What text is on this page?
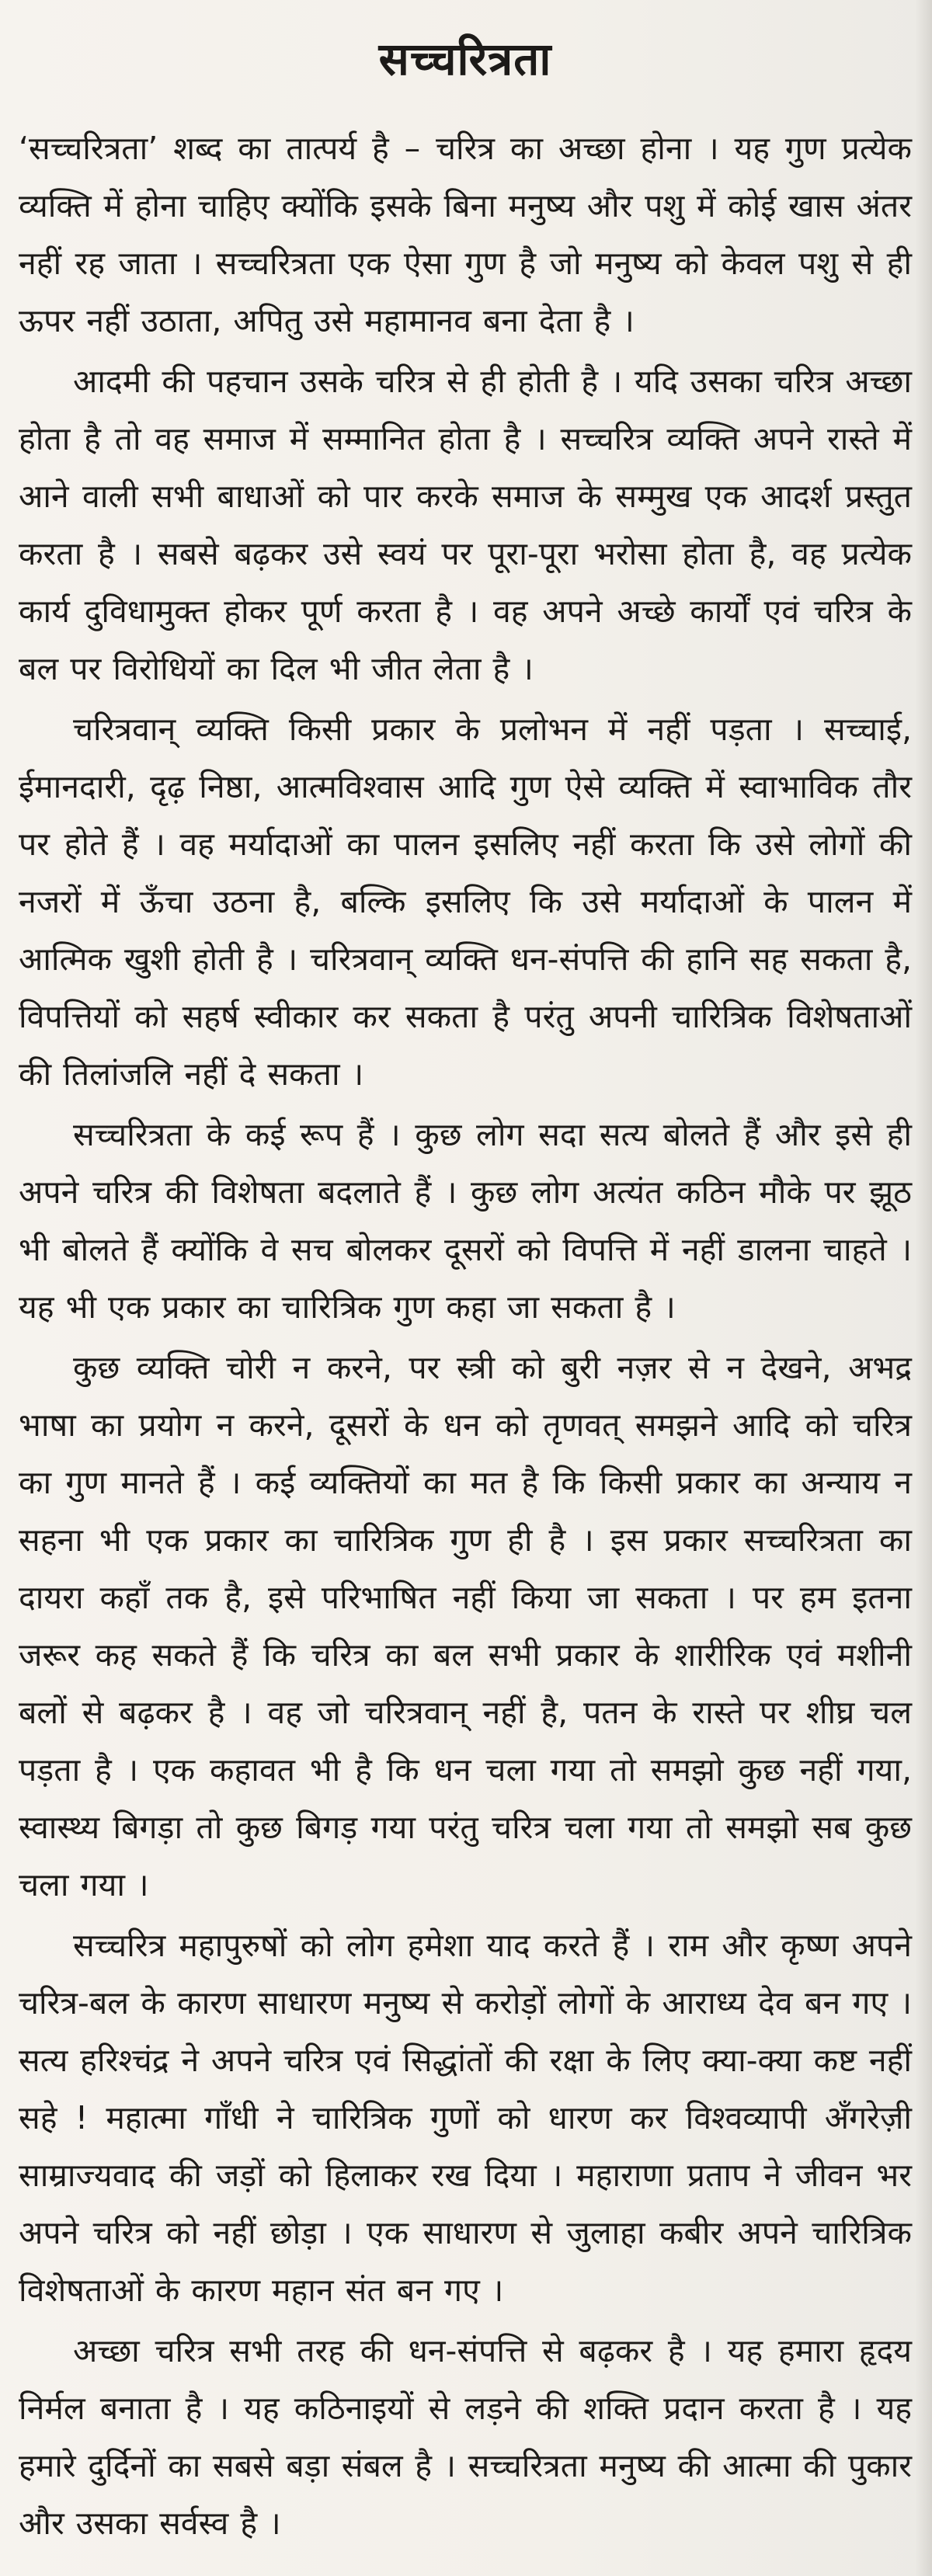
सच्चरित्रता

‘सच्चरित्रता’ शब्द का तात्पर्य है – चरित्र का अच्छा होना । यह गुण प्रत्येक व्यक्ति में होना चाहिए क्योंकि इसके बिना मनुष्य और पशु में कोई खास अंतर नहीं रह जाता । सच्चरित्रता एक ऐसा गुण है जो मनुष्य को केवल पशु से ही ऊपर नहीं उठाता, अपितु उसे महामानव बना देता है ।

आदमी की पहचान उसके चरित्र से ही होती है । यदि उसका चरित्र अच्छा होता है तो वह समाज में सम्मानित होता है । सच्चरित्र व्यक्ति अपने रास्ते में आने वाली सभी बाधाओं को पार करके समाज के सम्मुख एक आदर्श प्रस्तुत करता है । सबसे बढ़कर उसे स्वयं पर पूरा-पूरा भरोसा होता है, वह प्रत्येक कार्य दुविधामुक्त होकर पूर्ण करता है । वह अपने अच्छे कार्यों एवं चरित्र के बल पर विरोधियों का दिल भी जीत लेता है ।

चरित्रवान् व्यक्ति किसी प्रकार के प्रलोभन में नहीं पड़ता । सच्चाई, ईमानदारी, दृढ़ निष्ठा, आत्मविश्वास आदि गुण ऐसे व्यक्ति में स्वाभाविक तौर पर होते हैं । वह मर्यादाओं का पालन इसलिए नहीं करता कि उसे लोगों की नजरों में ऊँचा उठना है, बल्कि इसलिए कि उसे मर्यादाओं के पालन में आत्मिक खुशी होती है । चरित्रवान् व्यक्ति धन-संपत्ति की हानि सह सकता है, विपत्तियों को सहर्ष स्वीकार कर सकता है परंतु अपनी चारित्रिक विशेषताओं की तिलांजलि नहीं दे सकता ।

सच्चरित्रता के कई रूप हैं । कुछ लोग सदा सत्य बोलते हैं और इसे ही अपने चरित्र की विशेषता बदलाते हैं । कुछ लोग अत्यंत कठिन मौके पर झूठ भी बोलते हैं क्योंकि वे सच बोलकर दूसरों को विपत्ति में नहीं डालना चाहते । यह भी एक प्रकार का चारित्रिक गुण कहा जा सकता है ।

कुछ व्यक्ति चोरी न करने, पर स्त्री को बुरी नज़र से न देखने, अभद्र भाषा का प्रयोग न करने, दूसरों के धन को तृणवत् समझने आदि को चरित्र का गुण मानते हैं । कई व्यक्तियों का मत है कि किसी प्रकार का अन्याय न सहना भी एक प्रकार का चारित्रिक गुण ही है । इस प्रकार सच्चरित्रता का दायरा कहाँ तक है, इसे परिभाषित नहीं किया जा सकता । पर हम इतना जरूर कह सकते हैं कि चरित्र का बल सभी प्रकार के शारीरिक एवं मशीनी बलों से बढ़कर है । वह जो चरित्रवान् नहीं है, पतन के रास्ते पर शीघ्र चल पड़ता है । एक कहावत भी है कि धन चला गया तो समझो कुछ नहीं गया, स्वास्थ्य बिगड़ा तो कुछ बिगड़ गया परंतु चरित्र चला गया तो समझो सब कुछ चला गया ।

सच्चरित्र महापुरुषों को लोग हमेशा याद करते हैं । राम और कृष्ण अपने चरित्र-बल के कारण साधारण मनुष्य से करोड़ों लोगों के आराध्य देव बन गए । सत्य हरिश्चंद्र ने अपने चरित्र एवं सिद्धांतों की रक्षा के लिए क्या-क्या कष्ट नहीं सहे ! महात्मा गाँधी ने चारित्रिक गुणों को धारण कर विश्वव्यापी अँगरेज़ी साम्राज्यवाद की जड़ों को हिलाकर रख दिया । महाराणा प्रताप ने जीवन भर अपने चरित्र को नहीं छोड़ा । एक साधारण से जुलाहा कबीर अपने चारित्रिक विशेषताओं के कारण महान संत बन गए ।

अच्छा चरित्र सभी तरह की धन-संपत्ति से बढ़कर है । यह हमारा हृदय निर्मल बनाता है । यह कठिनाइयों से लड़ने की शक्ति प्रदान करता है । यह हमारे दुर्दिनों का सबसे बड़ा संबल है । सच्चरित्रता मनुष्य की आत्मा की पुकार और उसका सर्वस्व है ।
